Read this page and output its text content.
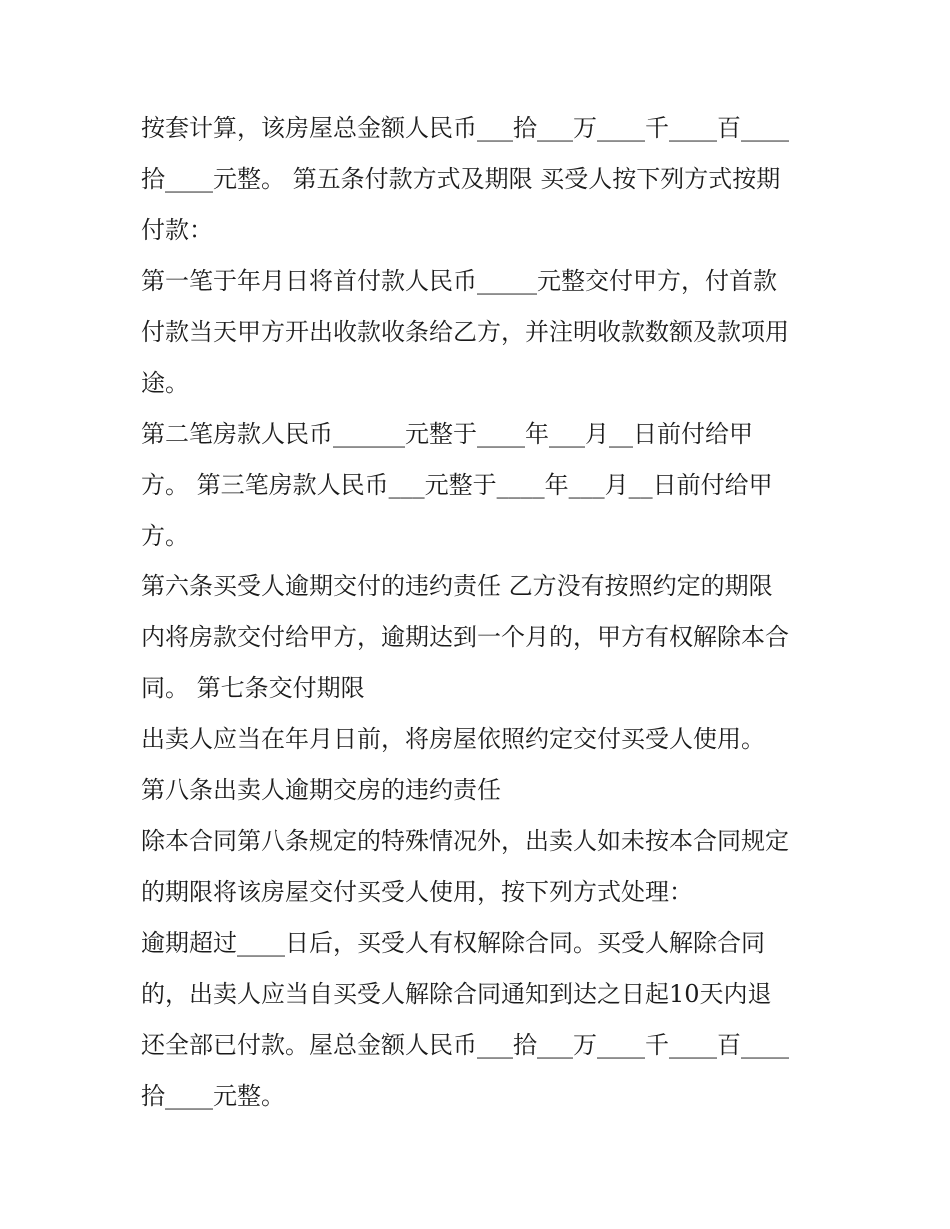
按套计算，该房屋总金额人民币___拾___万____千____百____
拾____元整。 第五条付款方式及期限 买受人按下列方式按期
付款：
第一笔于年月日将首付款人民币_____元整交付甲方，付首款
付款当天甲方开出收款收条给乙方，并注明收款数额及款项用
途。
第二笔房款人民币______元整于____年___月__日前付给甲
方。 第三笔房款人民币___元整于____年___月__日前付给甲
方。
第六条买受人逾期交付的违约责任 乙方没有按照约定的期限
内将房款交付给甲方，逾期达到一个月的，甲方有权解除本合
同。 第七条交付期限
出卖人应当在年月日前，将房屋依照约定交付买受人使用。
第八条出卖人逾期交房的违约责任
除本合同第八条规定的特殊情况外，出卖人如未按本合同规定
的期限将该房屋交付买受人使用，按下列方式处理：
逾期超过____日后，买受人有权解除合同。买受人解除合同
的，出卖人应当自买受人解除合同通知到达之日起10天内退
还全部已付款。屋总金额人民币___拾___万____千____百____
拾____元整。
